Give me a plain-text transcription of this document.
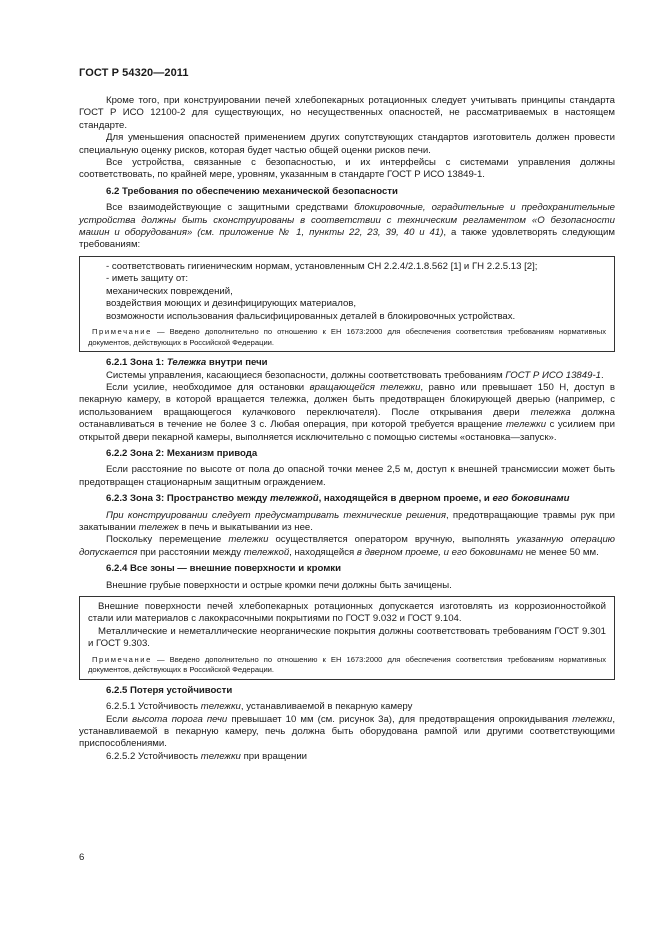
ГОСТ Р 54320—2011

Кроме того, при конструировании печей хлебопекарных ротационных следует учитывать принципы стандарта ГОСТ Р ИСО 12100-2 для существующих, но несущественных опасностей, не рассматриваемых в настоящем стандарте.

Для уменьшения опасностей применением других сопутствующих стандартов изготовитель должен провести специальную оценку рисков, которая будет частью общей оценки рисков печи.

Все устройства, связанные с безопасностью, и их интерфейсы с системами управления должны соответствовать, по крайней мере, уровням, указанным в стандарте ГОСТ Р ИСО 13849-1.

6.2 Требования по обеспечению механической безопасности

Все взаимодействующие с защитными средствами блокировочные, оградительные и предохранительные устройства должны быть сконструированы в соответствии с техническим регламентом «О безопасности машин и оборудования» (см. приложение № 1, пункты 22, 23, 39, 40 и 41), а также удовлетворять следующим требованиям:

- соответствовать гигиеническим нормам, установленным СН 2.2.4/2.1.8.562 [1] и ГН 2.2.5.13 [2];

- иметь защиту от:

механических повреждений,

воздействия моющих и дезинфицирующих материалов,

возможности использования фальсифицированных деталей в блокировочных устройствах.

Примечание — Введено дополнительно по отношению к ЕН 1673:2000 для обеспечения соответствия требованиям нормативных документов, действующих в Российской Федерации.
6.2.1 Зона 1: Тележка внутри печи

Системы управления, касающиеся безопасности, должны соответствовать требованиям ГОСТ Р ИСО 13849-1.

Если усилие, необходимое для остановки вращающейся тележки, равно или превышает 150 Н, доступ в пекарную камеру, в которой вращается тележка, должен быть предотвращен блокирующей дверью (например, с использованием вращающегося кулачкового переключателя). После открывания двери тележка должна останавливаться в течение не более 3 с. Любая операция, при которой требуется вращение тележки с усилием при открытой двери пекарной камеры, выполняется исключительно с помощью системы «остановка—запуск».

6.2.2 Зона 2: Механизм привода

Если расстояние по высоте от пола до опасной точки менее 2,5 м, доступ к внешней трансмиссии может быть предотвращен стационарным защитным ограждением.

6.2.3 Зона 3: Пространство между тележкой, находящейся в дверном проеме, и его боковинами

При конструировании следует предусматривать технические решения, предотвращающие травмы рук при закатывании тележек в печь и выкатывании из нее.

Поскольку перемещение тележки осуществляется оператором вручную, выполнять указанную операцию допускается при расстоянии между тележкой, находящейся в дверном проеме, и его боковинами не менее 50 мм.

6.2.4 Все зоны — внешние поверхности и кромки

Внешние грубые поверхности и острые кромки печи должны быть зачищены.

Внешние поверхности печей хлебопекарных ротационных допускается изготовлять из коррозионностойкой стали или материалов с лакокрасочными покрытиями по ГОСТ 9.032 и ГОСТ 9.104.

Металлические и неметаллические неорганические покрытия должны соответствовать требованиям ГОСТ 9.301 и ГОСТ 9.303.

Примечание — Введено дополнительно по отношению к ЕН 1673:2000 для обеспечения соответствия требованиям нормативных документов, действующих в Российской Федерации.
6.2.5 Потеря устойчивости

6.2.5.1 Устойчивость тележки, устанавливаемой в пекарную камеру

Если высота порога печи превышает 10 мм (см. рисунок 3а), для предотвращения опрокидывания тележки, устанавливаемой в пекарную камеру, печь должна быть оборудована рампой или другими соответствующими приспособлениями.

6.2.5.2 Устойчивость тележки при вращении

6
